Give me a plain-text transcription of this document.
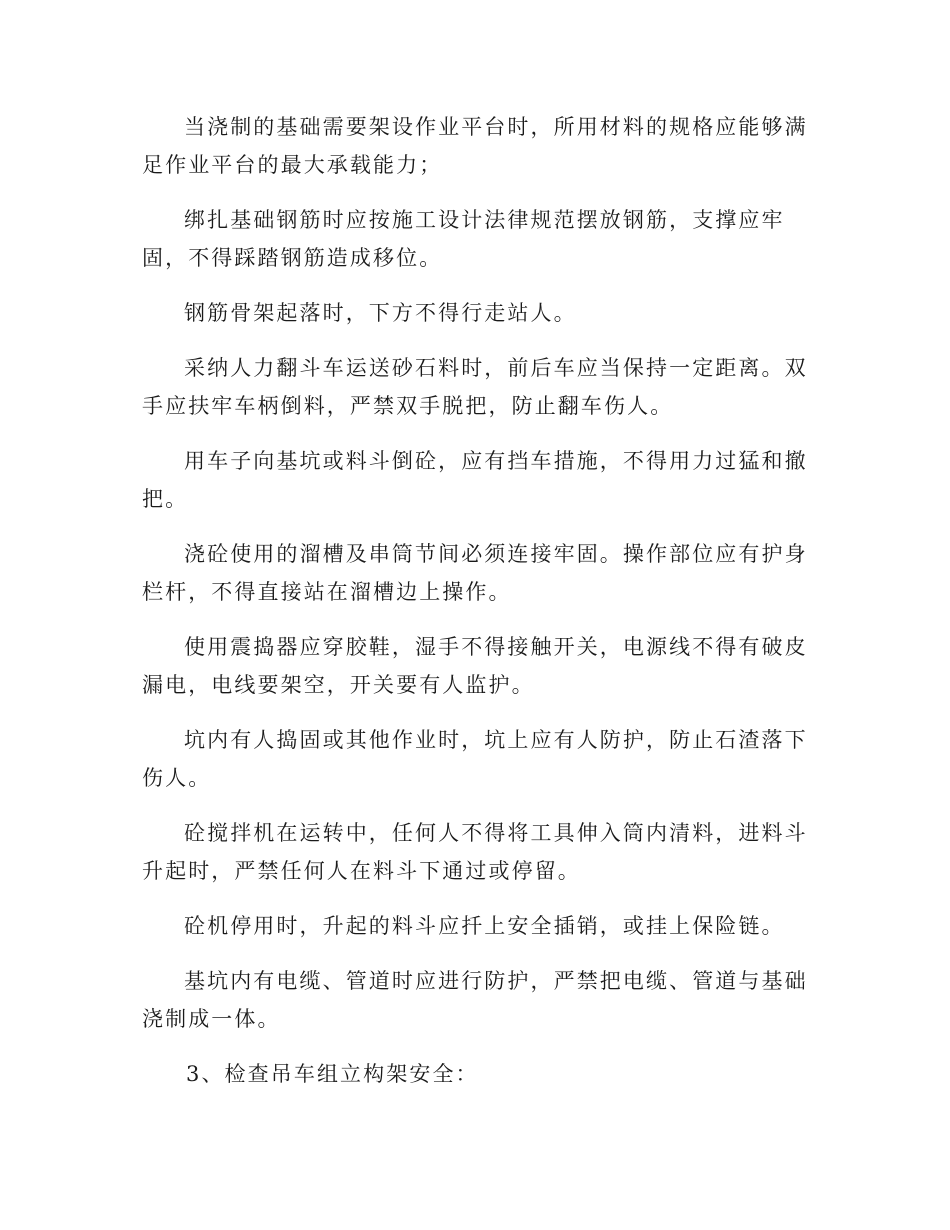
当浇制的基础需要架设作业平台时，所用材料的规格应能够满足作业平台的最大承载能力；

绑扎基础钢筋时应按施工设计法律规范摆放钢筋，支撑应牢固，不得踩踏钢筋造成移位。

钢筋骨架起落时，下方不得行走站人。

采纳人力翻斗车运送砂石料时，前后车应当保持一定距离。双手应扶牢车柄倒料，严禁双手脱把，防止翻车伤人。

用车子向基坑或料斗倒砼，应有挡车措施，不得用力过猛和撤把。

浇砼使用的溜槽及串筒节间必须连接牢固。操作部位应有护身栏杆，不得直接站在溜槽边上操作。

使用震捣器应穿胶鞋，湿手不得接触开关，电源线不得有破皮漏电，电线要架空，开关要有人监护。

坑内有人捣固或其他作业时，坑上应有人防护，防止石渣落下伤人。

砼搅拌机在运转中，任何人不得将工具伸入筒内清料，进料斗升起时，严禁任何人在料斗下通过或停留。

砼机停用时，升起的料斗应扦上安全插销，或挂上保险链。

基坑内有电缆、管道时应进行防护，严禁把电缆、管道与基础浇制成一体。

3、检查吊车组立构架安全：
